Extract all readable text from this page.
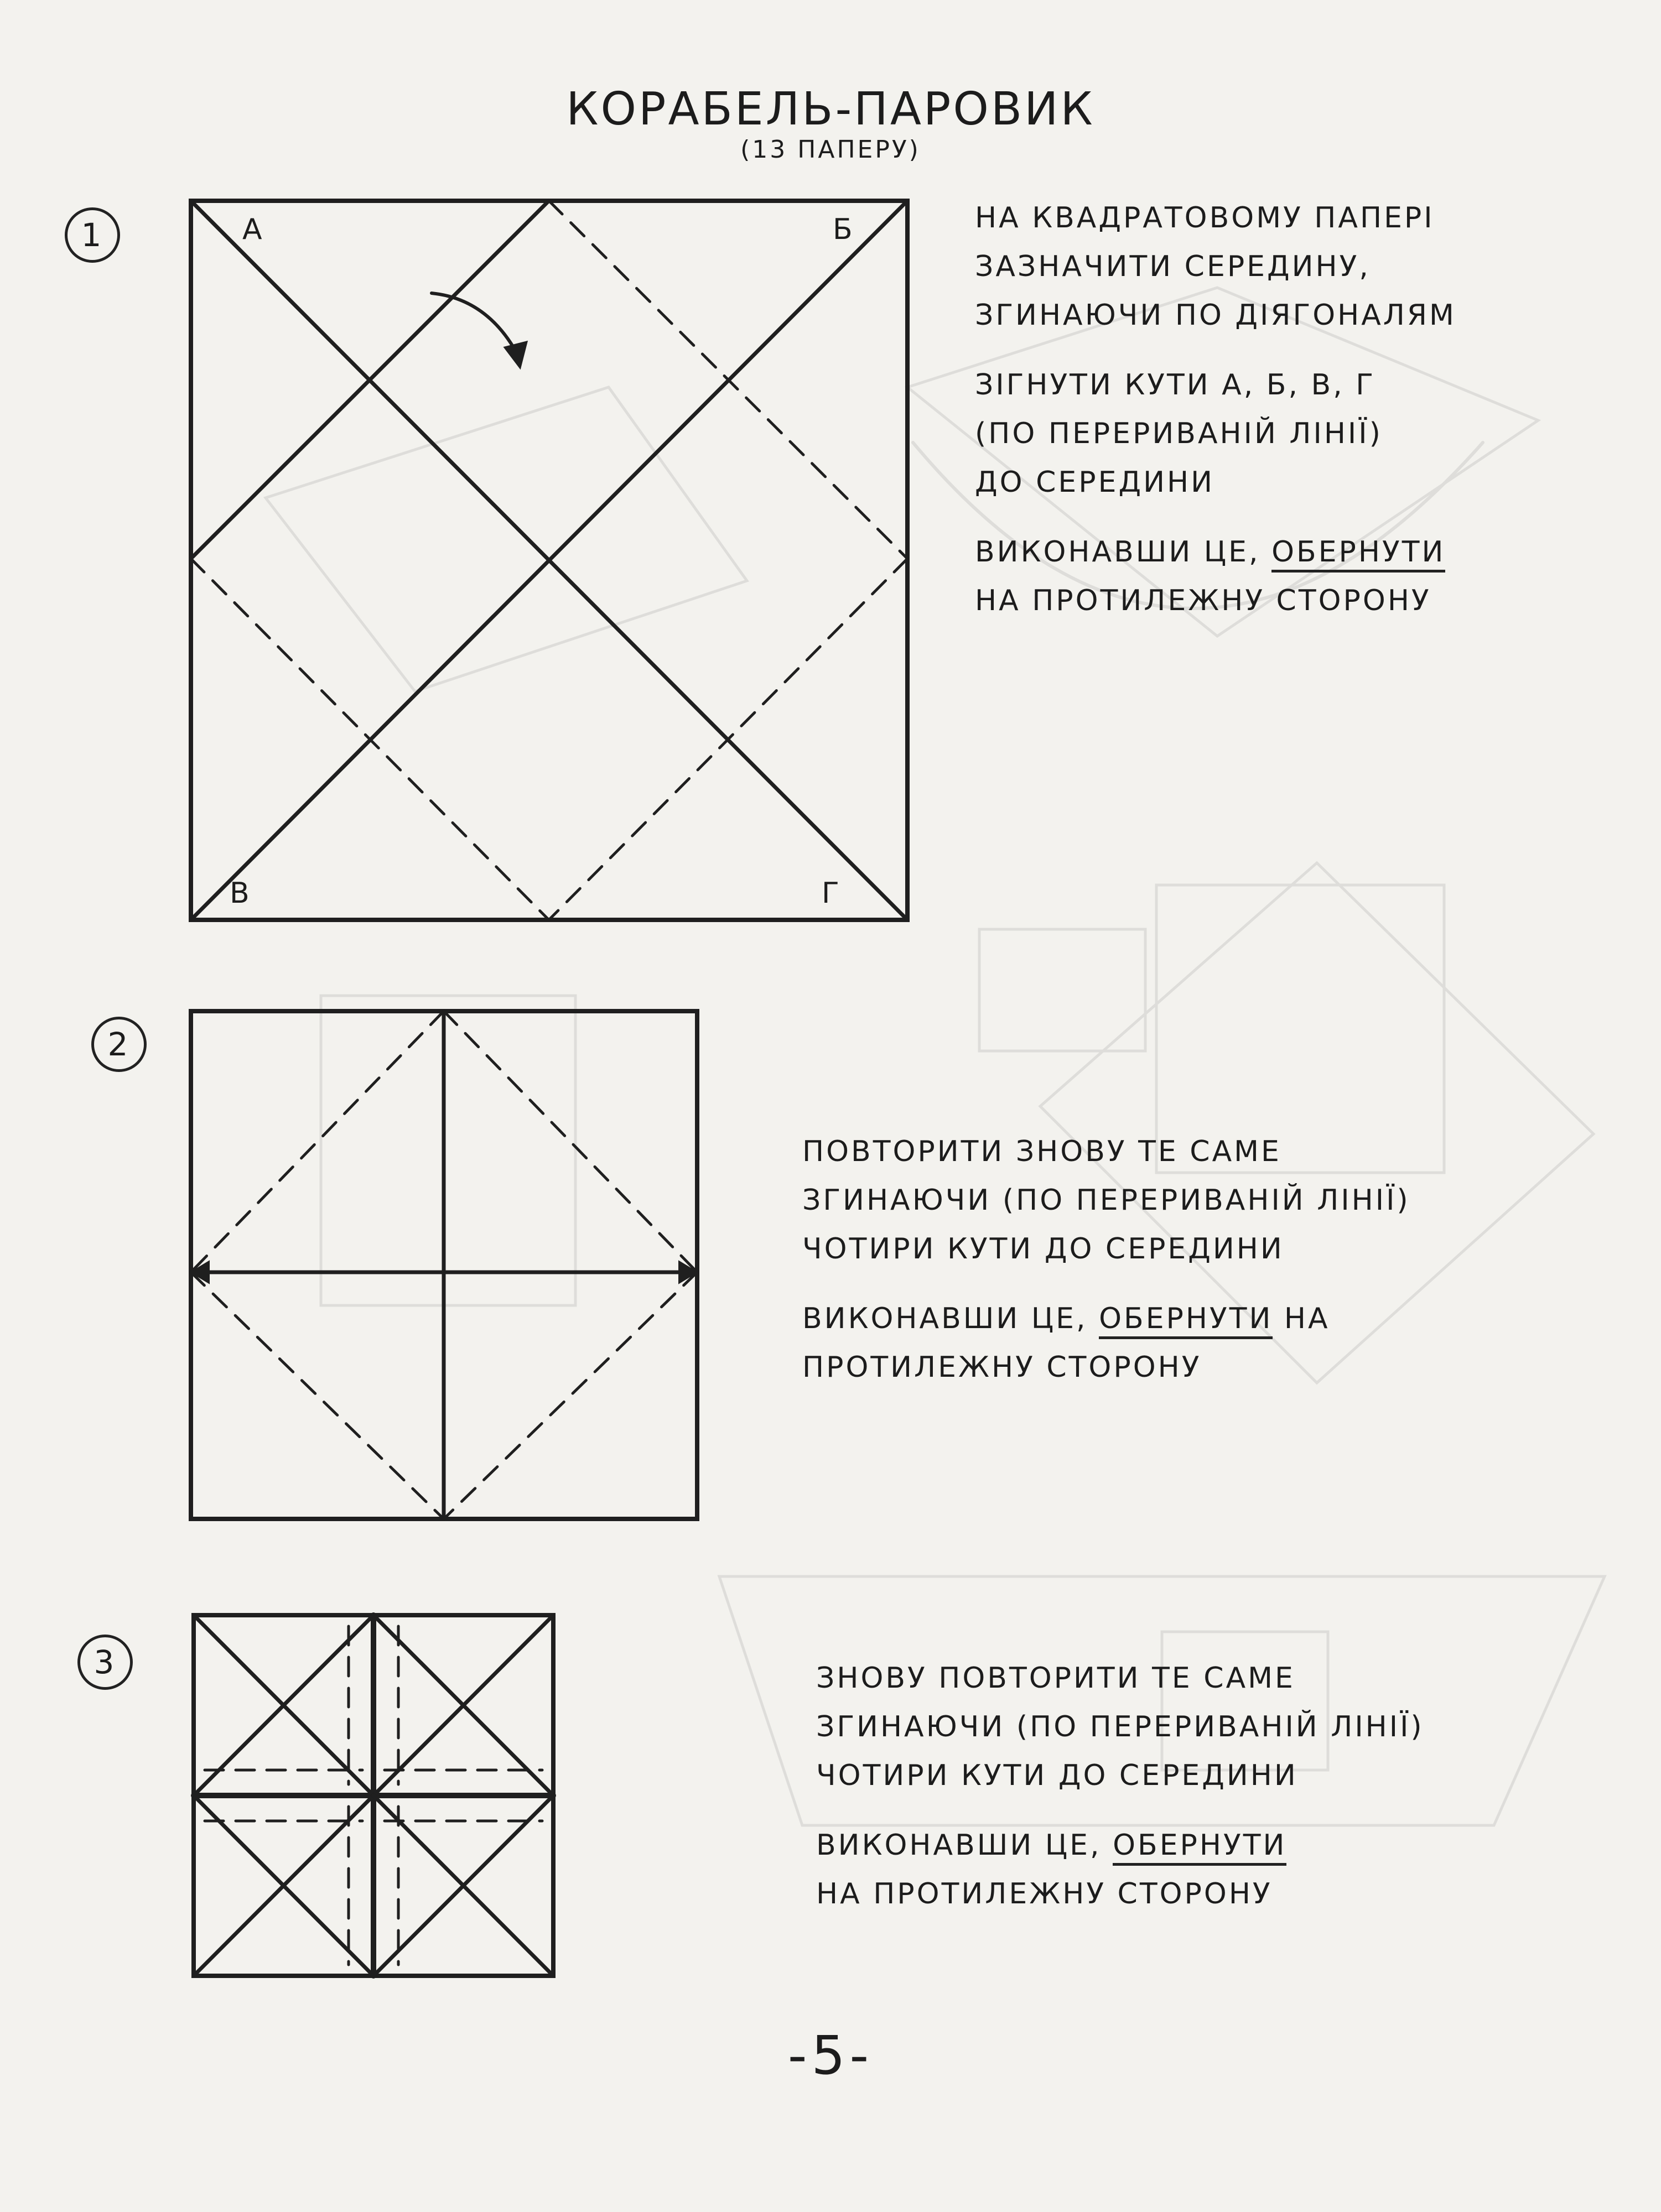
КОРАБЕЛЬ-ПАРОВИК
(13 ПАПЕРУ)
1	А	Б
В	Г

НА КВАДРАТОВОМУ ПАПЕРІ

ЗАЗНАЧИТИ СЕРЕДИНУ,

ЗГИНАЮЧИ ПО ДІЯГОНАЛЯМ

ЗІГНУТИ КУТИ А, Б, В, Г

(ПО ПЕРЕРИВАНІЙ ЛІНІЇ)

ДО СЕРЕДИНИ

ВИКОНАВШИ ЦЕ, ОБЕРНУТИ

НА ПРОТИЛЕЖНУ СТОРОНУ

2

ПОВТОРИТИ ЗНОВУ ТЕ САМЕ

ЗГИНАЮЧИ (ПО ПЕРЕРИВАНІЙ ЛІНІЇ)

ЧОТИРИ КУТИ ДО СЕРЕДИНИ

ВИКОНАВШИ ЦЕ, ОБЕРНУТИ НА

ПРОТИЛЕЖНУ СТОРОНУ

3	ЗНОВУ ПОВТОРИТИ ТЕ САМЕ

ЗГИНАЮЧИ (ПО ПЕРЕРИВАНІЙ ЛІНІЇ)

ЧОТИРИ КУТИ ДО СЕРЕДИНИ

ВИКОНАВШИ ЦЕ, ОБЕРНУТИ

НА ПРОТИЛЕЖНУ СТОРОНУ

-5-
